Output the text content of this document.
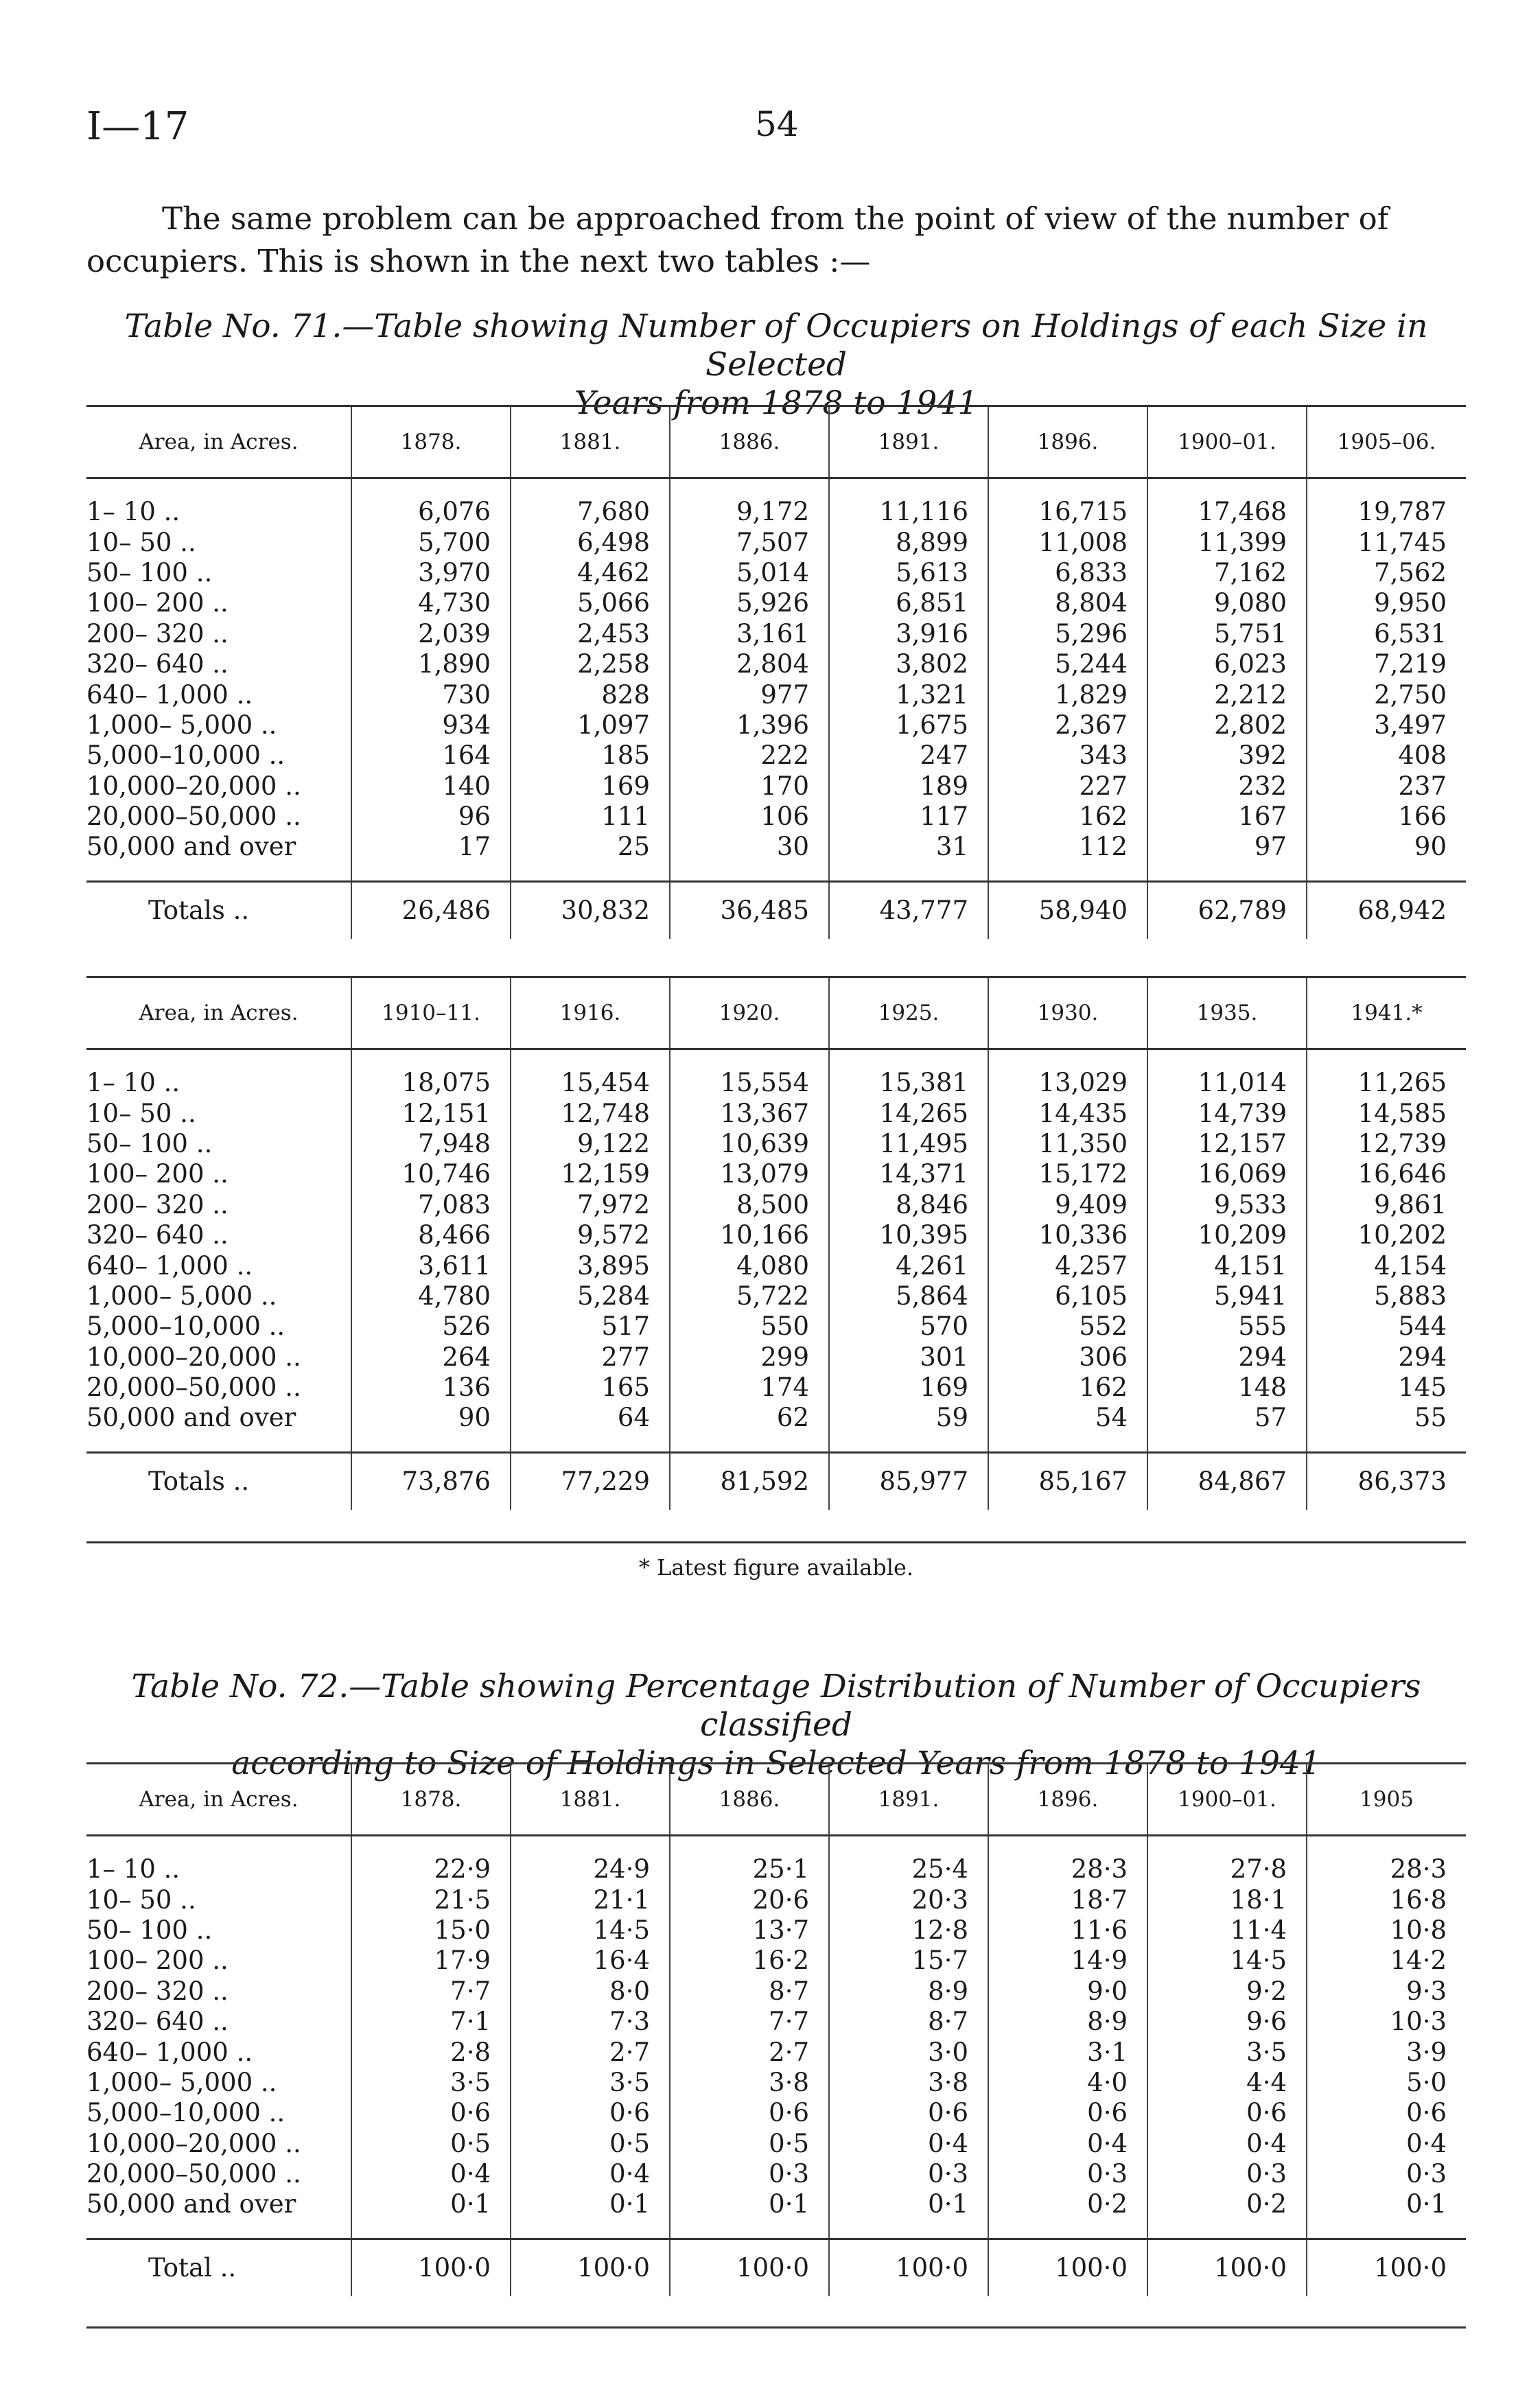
I—17	54
The same problem can be approached from the point of view of the number of
occupiers. This is shown in the next two tables :—
Table No. 71.—Table showing Number of Occupiers on Holdings of each Size in Selected
Years from 1878 to 1941
Area, in Acres.	1878.	1881.	1886.	1891.	1896.	1900–01.	1905–06.

1– 10 ..	6,076	7,680	9,172	11,116	16,715	17,468	19,787
10– 50 ..	5,700	6,498	7,507	8,899	11,008	11,399	11,745
50– 100 ..	3,970	4,462	5,014	5,613	6,833	7,162	7,562
100– 200 ..	4,730	5,066	5,926	6,851	8,804	9,080	9,950
200– 320 ..	2,039	2,453	3,161	3,916	5,296	5,751	6,531
320– 640 ..	1,890	2,258	2,804	3,802	5,244	6,023	7,219
640– 1,000 ..	730	828	977	1,321	1,829	2,212	2,750
1,000– 5,000 ..	934	1,097	1,396	1,675	2,367	2,802	3,497
5,000–10,000 ..	164	185	222	247	343	392	408
10,000–20,000 ..	140	169	170	189	227	232	237
20,000–50,000 ..	96	111	106	117	162	167	166
50,000 and over	17	25	30	31	112	97	90

Totals ..	26,486	30,832	36,485	43,777	58,940	62,789	68,942
Area, in Acres.	1910–11.	1916.	1920.	1925.	1930.	1935.	1941.*

1– 10 ..	18,075	15,454	15,554	15,381	13,029	11,014	11,265
10– 50 ..	12,151	12,748	13,367	14,265	14,435	14,739	14,585
50– 100 ..	7,948	9,122	10,639	11,495	11,350	12,157	12,739
100– 200 ..	10,746	12,159	13,079	14,371	15,172	16,069	16,646
200– 320 ..	7,083	7,972	8,500	8,846	9,409	9,533	9,861
320– 640 ..	8,466	9,572	10,166	10,395	10,336	10,209	10,202
640– 1,000 ..	3,611	3,895	4,080	4,261	4,257	4,151	4,154
1,000– 5,000 ..	4,780	5,284	5,722	5,864	6,105	5,941	5,883
5,000–10,000 ..	526	517	550	570	552	555	544
10,000–20,000 ..	264	277	299	301	306	294	294
20,000–50,000 ..	136	165	174	169	162	148	145
50,000 and over	90	64	62	59	54	57	55

Totals ..	73,876	77,229	81,592	85,977	85,167	84,867	86,373
* Latest figure available.
Table No. 72.—Table showing Percentage Distribution of Number of Occupiers classified
according to Size of Holdings in Selected Years from 1878 to 1941
Area, in Acres.	1878.	1881.	1886.	1891.	1896.	1900–01.	1905

1– 10 ..	22·9	24·9	25·1	25·4	28·3	27·8	28·3
10– 50 ..	21·5	21·1	20·6	20·3	18·7	18·1	16·8
50– 100 ..	15·0	14·5	13·7	12·8	11·6	11·4	10·8
100– 200 ..	17·9	16·4	16·2	15·7	14·9	14·5	14·2
200– 320 ..	7·7	8·0	8·7	8·9	9·0	9·2	9·3
320– 640 ..	7·1	7·3	7·7	8·7	8·9	9·6	10·3
640– 1,000 ..	2·8	2·7	2·7	3·0	3·1	3·5	3·9
1,000– 5,000 ..	3·5	3·5	3·8	3·8	4·0	4·4	5·0
5,000–10,000 ..	0·6	0·6	0·6	0·6	0·6	0·6	0·6
10,000–20,000 ..	0·5	0·5	0·5	0·4	0·4	0·4	0·4
20,000–50,000 ..	0·4	0·4	0·3	0·3	0·3	0·3	0·3
50,000 and over	0·1	0·1	0·1	0·1	0·2	0·2	0·1

Total ..	100·0	100·0	100·0	100·0	100·0	100·0	100·0
